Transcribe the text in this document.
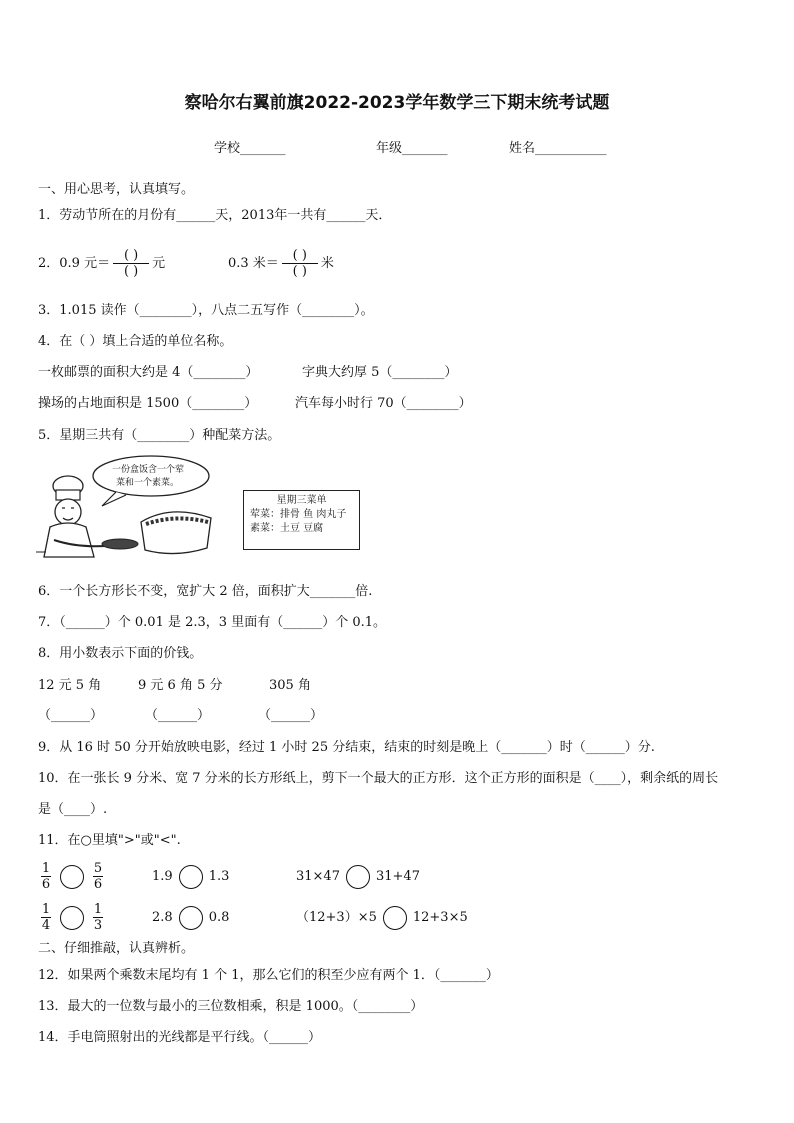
察哈尔右翼前旗2022-2023学年数学三下期末统考试题
学校_______	年级_______	姓名___________
一、用心思考，认真填写。
1．劳动节所在的月份有______天，2013年一共有______天．
2．0.9 元＝ $\frac{( )}{( )}$ 元	0.3 米＝ $\frac{( )}{( )}$ 米
3．1.015 读作（________），八点二五写作（________）。
4．在（ ）填上合适的单位名称。
一枚邮票的面积大约是 4（________）	字典大约厚 5（________）
操场的占地面积是 1500（________）	汽车每小时行 70（________）
5．星期三共有（________）种配菜方法。
一份盒饭含一个荤
菜和一个素菜。
星期三菜单
荤菜：排骨 鱼 肉丸子
素菜：土豆 豆腐
6．一个长方形长不变，宽扩大 2 倍，面积扩大_______倍.
7．（______）个 0.01 是 2.3，3 里面有（______）个 0.1。
8．用小数表示下面的价钱。
12 元 5 角	9 元 6 角 5 分	305 角
（______）	（______）	（______）
9．从 16 时 50 分开始放映电影，经过 1 小时 25 分结束，结束的时刻是晚上（_______）时（______）分.
10．在一张长 9 分米、宽 7 分米的长方形纸上，剪下一个最大的正方形．这个正方形的面积是（____），剩余纸的周长
是（____）.
11．在○里填">"或"<".
$\frac{1}{6}$	$\frac{5}{6}$	1.9	1.3	31×47	31+47
$\frac{1}{4}$	$\frac{1}{3}$	2.8	0.8	（12+3）×5	12+3×5
二、仔细推敲，认真辨析。
12．如果两个乘数末尾均有 1 个 1，那么它们的积至少应有两个 1．（_______）
13．最大的一位数与最小的三位数相乘，积是 1000。（________）
14．手电筒照射出的光线都是平行线。（______）
